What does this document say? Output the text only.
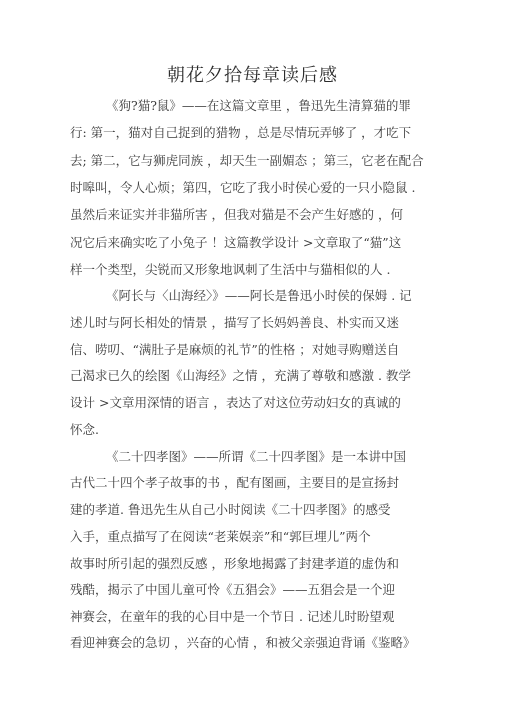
朝花夕拾每章读后感
《狗?猫?鼠》——在这篇文章里 ，鲁迅先生清算猫的罪
行: 第一，猫对自己捉到的猎物 ，总是尽情玩弄够了 ，才吃下
去; 第二，它与狮虎同族 ，却天生一副媚态 ；第三，它老在配合
时嗥叫，令人心烦；第四，它吃了我小时侯心爱的一只小隐鼠 .
虽然后来证实并非猫所害 ，但我对猫是不会产生好感的 ，何
况它后来确实吃了小兔子 ！这篇教学设计 >文章取了“猫”这
样一个类型，尖锐而又形象地讽刺了生活中与猫相似的人 .
《阿长与〈山海经〉》——阿长是鲁迅小时侯的保姆 . 记
述儿时与阿长相处的情景 ，描写了长妈妈善良、朴实而又迷
信、唠叨、“满肚子是麻烦的礼节”的性格 ；对她寻购赠送自
己渴求已久的绘图《山海经》之情 ，充满了尊敬和感激 . 教学
设计 >文章用深情的语言 ，表达了对这位劳动妇女的真诚的
怀念.
《二十四孝图》——所谓《二十四孝图》是一本讲中国
古代二十四个孝子故事的书 ，配有图画，主要目的是宣扬封
建的孝道. 鲁迅先生从自己小时阅读《二十四孝图》的感受
入手，重点描写了在阅读“老莱娱亲”和“郭巨埋儿”两个
故事时所引起的强烈反感 ，形象地揭露了封建孝道的虚伪和
残酷，揭示了中国儿童可怜《五猖会》——五猖会是一个迎
神赛会，在童年的我的心目中是一个节日 . 记述儿时盼望观
看迎神赛会的急切 ，兴奋的心情 ，和被父亲强迫背诵《鉴略》
